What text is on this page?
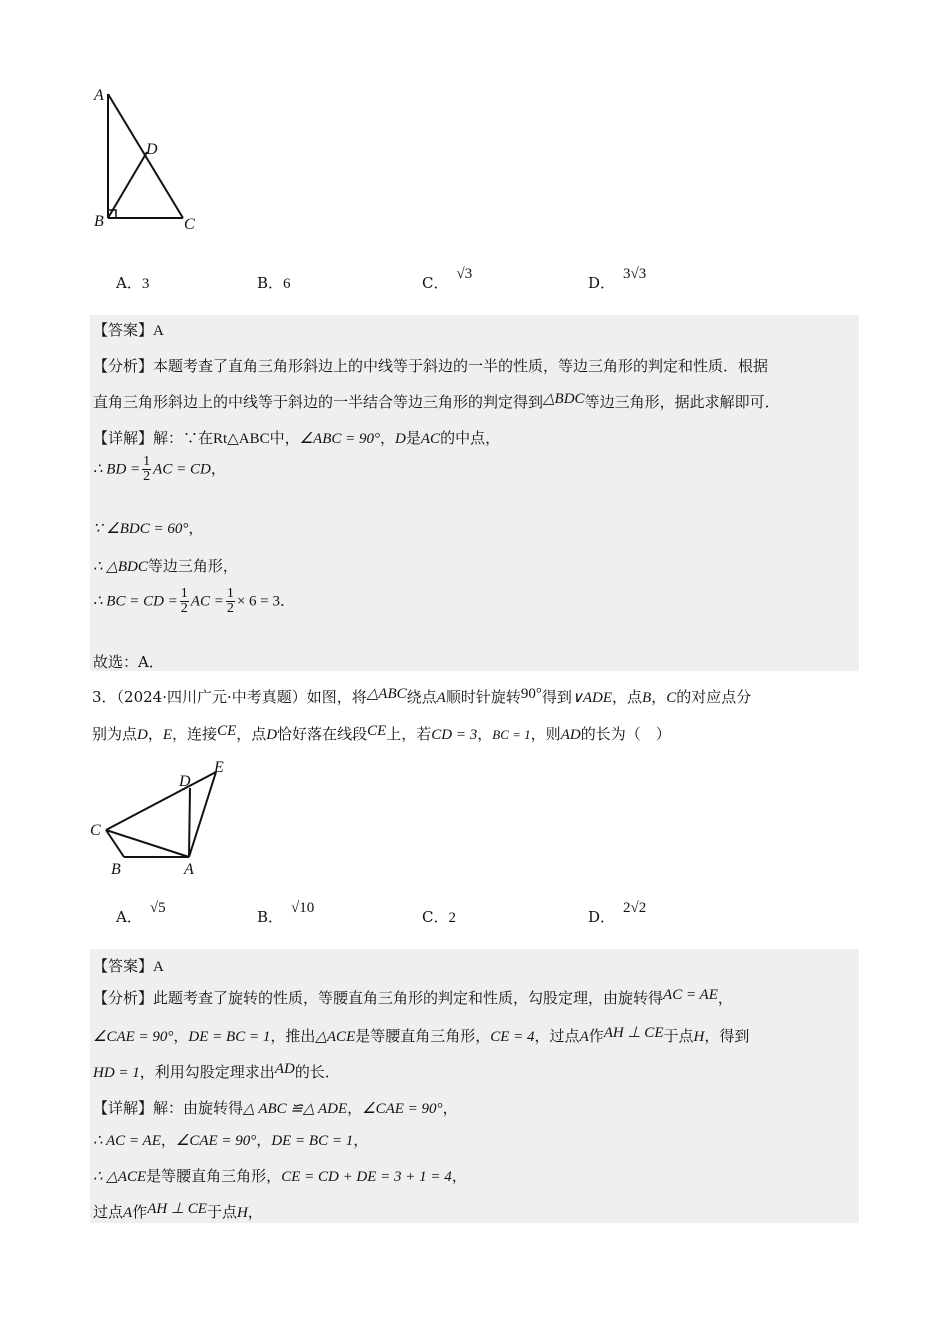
A
D
B	C
A．3	B．6	C． √3	D． 3√3
【答案】A
【分析】本题考查了直角三角形斜边上的中线等于斜边的一半的性质，等边三角形的判定和性质．根据
直角三角形斜边上的中线等于斜边的一半结合等边三角形的判定得到△BDC等边三角形，据此求解即可．
【详解】解：∵在Rt△ABC中，∠ABC = 90°，D是AC的中点，
∴ BD = $\frac{1}{2}$ AC = CD，
∵ ∠BDC = 60°，
∴ △BDC等边三角形，
∴ BC = CD = $\frac{1}{2}$ AC = $\frac{1}{2} \times 6 = 3$．
故选：A．
3．（2024·四川广元·中考真题）如图，将△ABC绕点A顺时针旋转90°得到∨ADE，点B，C的对应点分
别为点D，E，连接CE，点D恰好落在线段CE上，若CD = 3，BC = 1，则AD的长为（　）
D
E
C
B	A
A． √5	B． √10	C．2	D． 2√2
【答案】A
【分析】此题考查了旋转的性质，等腰直角三角形的判定和性质，勾股定理，由旋转得AC = AE，
∠CAE = 90°，DE = BC = 1，推出△ACE是等腰直角三角形，CE = 4，过点A作AH ⊥ CE于点H，得到
HD = 1，利用勾股定理求出AD的长．
【详解】解：由旋转得△ ABC ≌△ ADE，∠CAE = 90°，
∴ AC = AE，∠CAE = 90°，DE = BC = 1，
∴ △ACE是等腰直角三角形，CE = CD + DE = 3 + 1 = 4，
过点A作AH ⊥ CE于点H，
